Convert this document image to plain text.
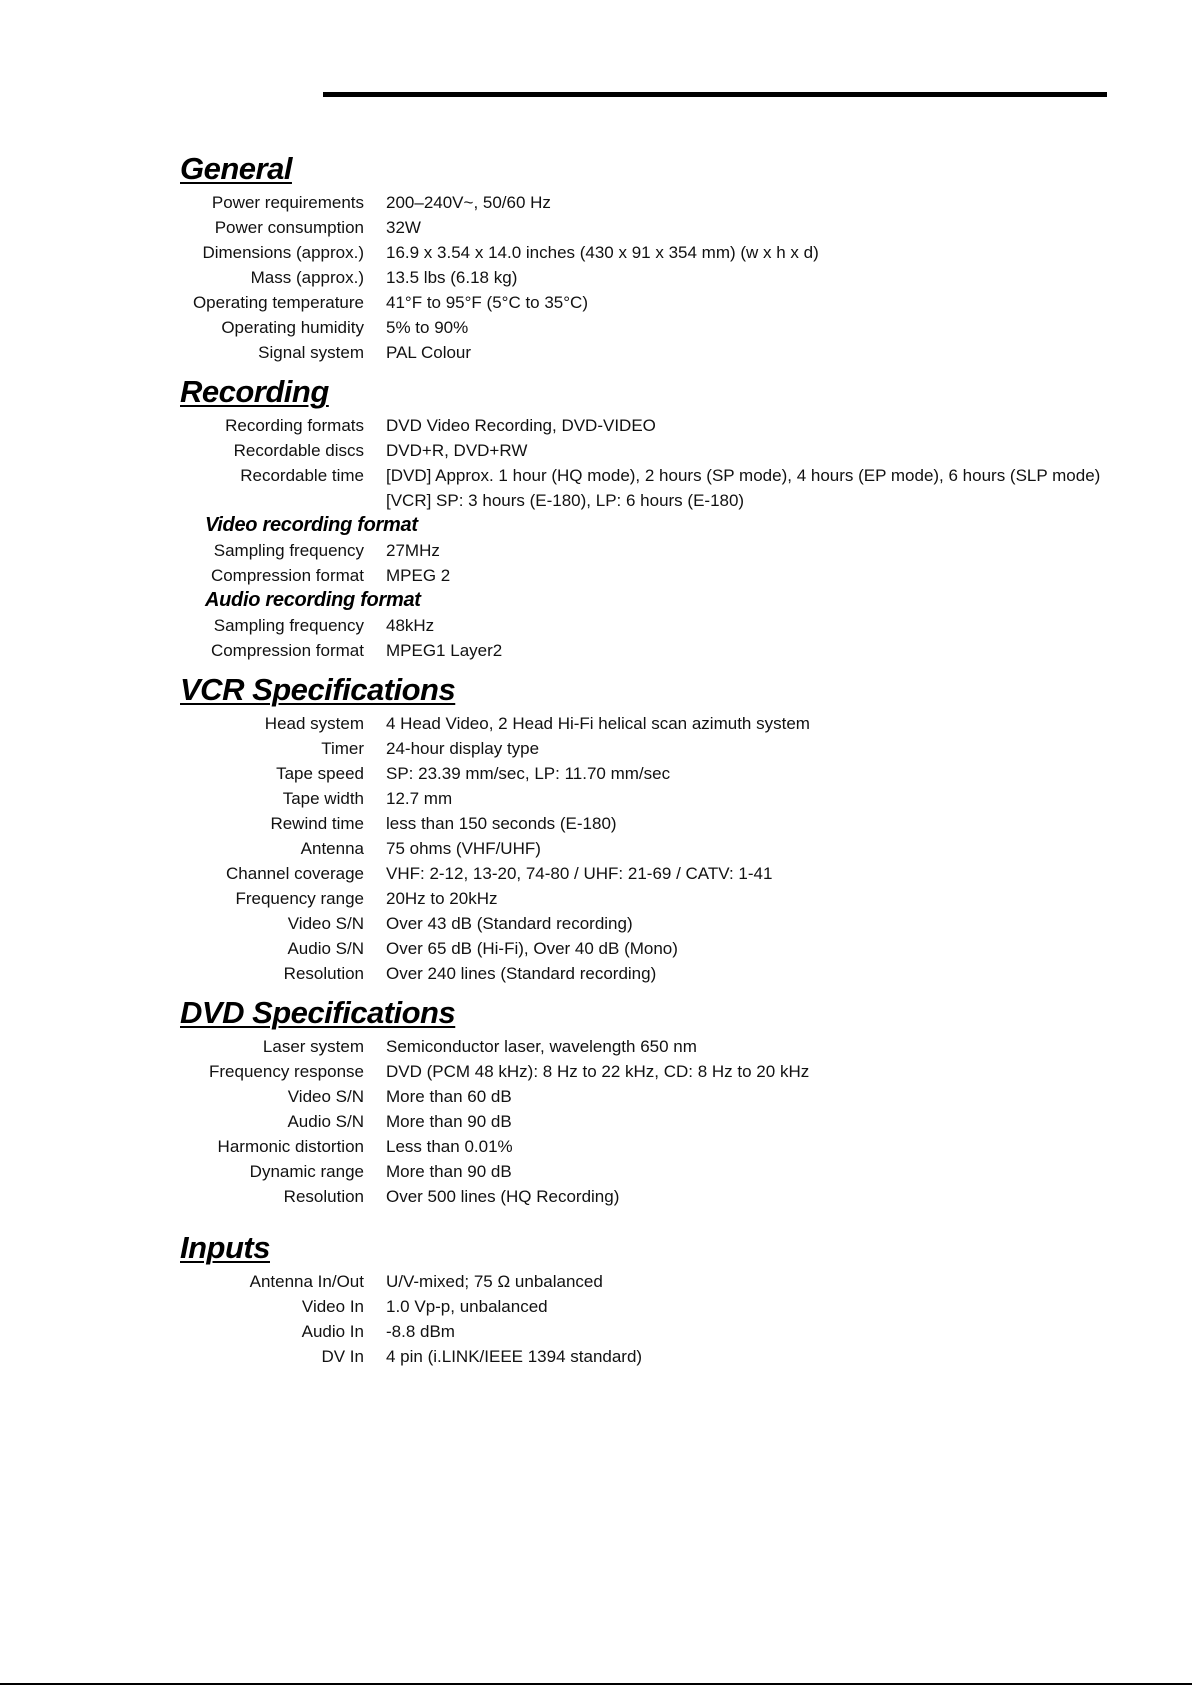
General
Power requirements	200–240V~, 50/60 Hz
Power consumption	32W
Dimensions (approx.)	16.9 x 3.54 x 14.0 inches (430 x 91 x 354 mm) (w x h x d)
Mass (approx.)	13.5 lbs (6.18 kg)
Operating temperature	41°F to 95°F (5°C to 35°C)
Operating humidity	5% to 90%
Signal system	PAL Colour
Recording
Recording formats	DVD Video Recording, DVD-VIDEO
Recordable discs	DVD+R, DVD+RW
Recordable time	[DVD] Approx. 1 hour (HQ mode), 2 hours (SP mode), 4 hours (EP mode), 6 hours (SLP mode)
[VCR] SP: 3 hours (E-180), LP: 6 hours (E-180)
Video recording format
Sampling frequency	27MHz
Compression format	MPEG 2
Audio recording format
Sampling frequency	48kHz
Compression format	MPEG1 Layer2
VCR Specifications
Head system	4 Head Video, 2 Head Hi-Fi helical scan azimuth system
Timer	24-hour display type
Tape speed	SP: 23.39 mm/sec, LP: 11.70 mm/sec
Tape width	12.7 mm
Rewind time	less than 150 seconds (E-180)
Antenna	75 ohms (VHF/UHF)
Channel coverage	VHF: 2-12, 13-20, 74-80 / UHF: 21-69 / CATV: 1-41
Frequency range	20Hz to 20kHz
Video S/N	Over 43 dB (Standard recording)
Audio S/N	Over 65 dB (Hi-Fi), Over 40 dB (Mono)
Resolution	Over 240 lines (Standard recording)
DVD Specifications
Laser system	Semiconductor laser, wavelength 650 nm
Frequency response	DVD (PCM 48 kHz): 8 Hz to 22 kHz, CD: 8 Hz to 20 kHz
Video S/N	More than 60 dB
Audio S/N	More than 90 dB
Harmonic distortion	Less than 0.01%
Dynamic range	More than 90 dB
Resolution	Over 500 lines (HQ Recording)
Inputs
Antenna In/Out	U/V-mixed; 75 Ω unbalanced
Video In	1.0 Vp-p, unbalanced
Audio In	-8.8 dBm
DV In	4 pin (i.LINK/IEEE 1394 standard)
